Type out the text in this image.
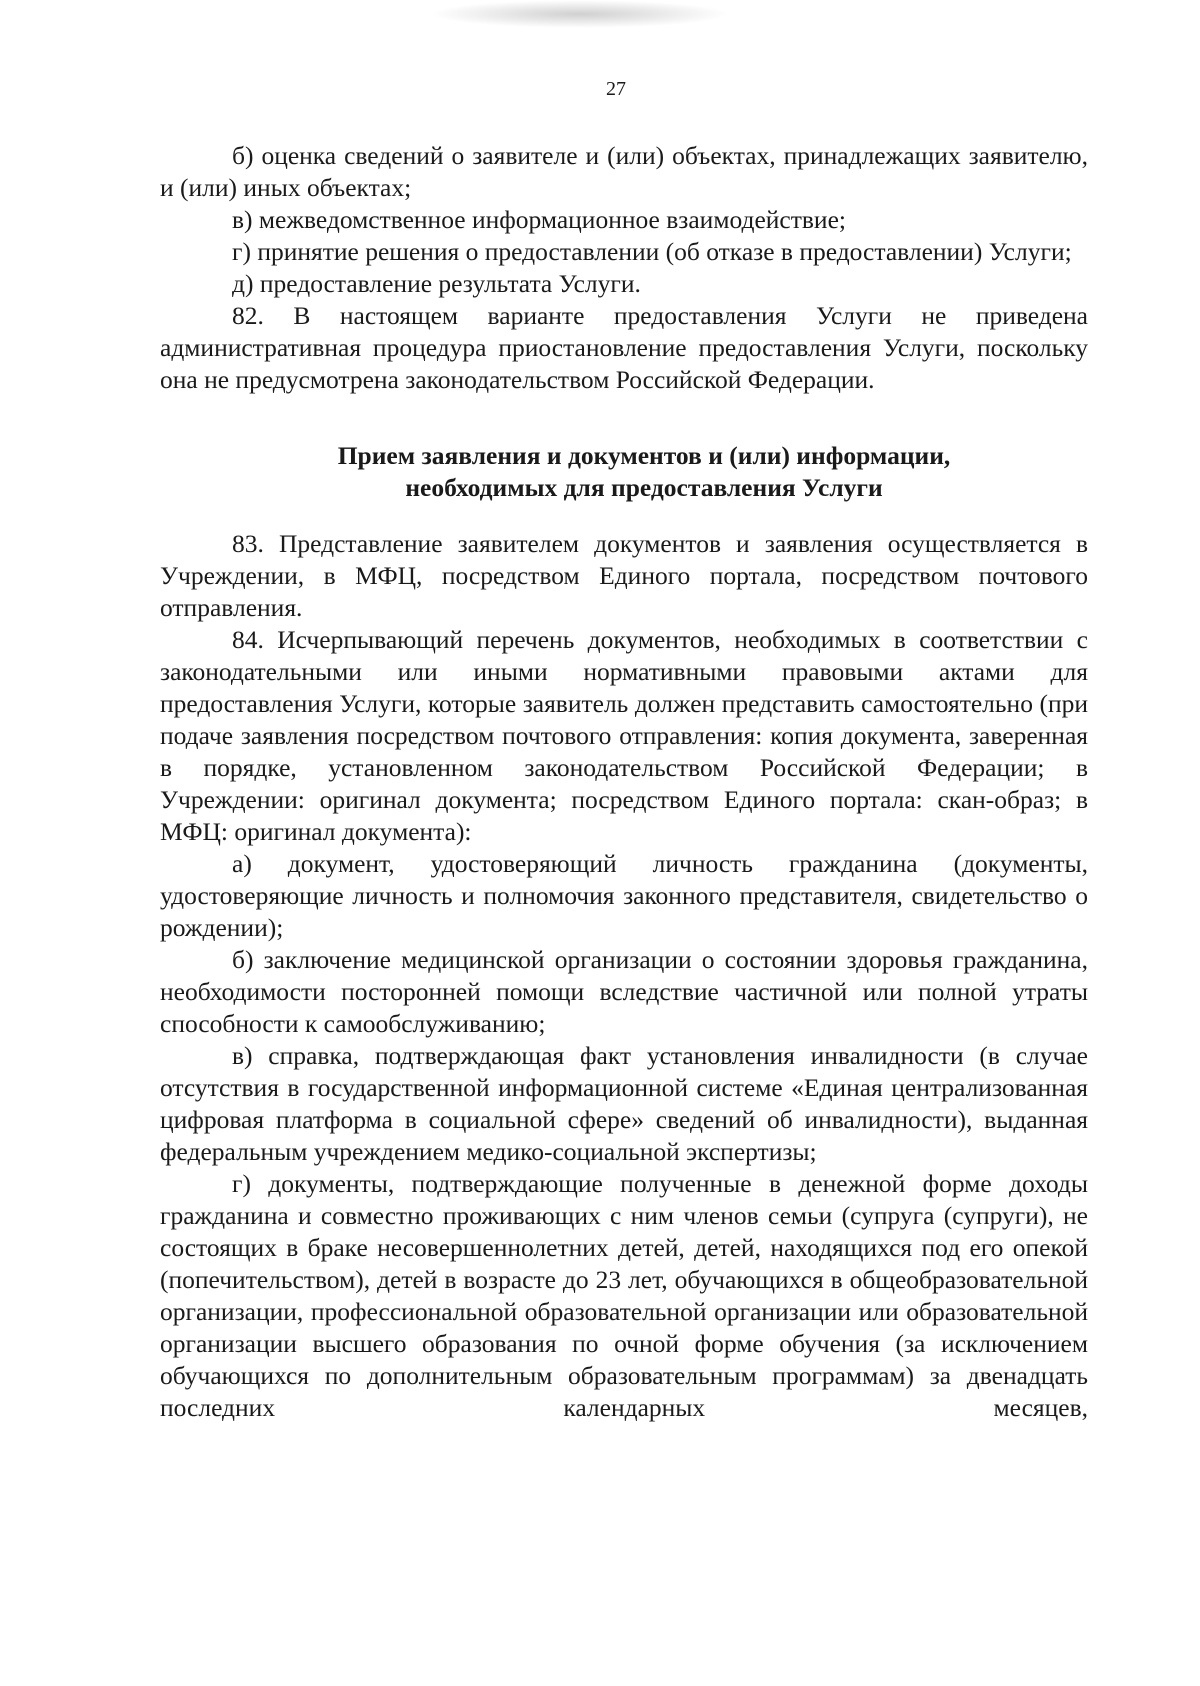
27

б) оценка сведений о заявителе и (или) объектах, принадлежащих заявителю, и (или) иных объектах;

в) межведомственное информационное взаимодействие;

г) принятие решения о предоставлении (об отказе в предоставлении) Услуги;

д) предоставление результата Услуги.

82. В настоящем варианте предоставления Услуги не приведена административная процедура приостановление предоставления Услуги, поскольку она не предусмотрена законодательством Российской Федерации.

Прием заявления и документов и (или) информации,
необходимых для предоставления Услуги

83. Представление заявителем документов и заявления осуществляется в Учреждении, в МФЦ, посредством Единого портала, посредством почтового отправления.

84. Исчерпывающий перечень документов, необходимых в соответствии с законодательными или иными нормативными правовыми актами для предоставления Услуги, которые заявитель должен представить самостоятельно (при подаче заявления посредством почтового отправления: копия документа, заверенная в порядке, установленном законодательством Российской Федерации; в Учреждении: оригинал документа; посредством Единого портала: скан-образ; в МФЦ: оригинал документа):

а) документ, удостоверяющий личность гражданина (документы, удостоверяющие личность и полномочия законного представителя, свидетельство о рождении);

б) заключение медицинской организации о состоянии здоровья гражданина, необходимости посторонней помощи вследствие частичной или полной утраты способности к самообслуживанию;

в) справка, подтверждающая факт установления инвалидности (в случае отсутствия в государственной информационной системе «Единая централизованная цифровая платформа в социальной сфере» сведений об инвалидности), выданная федеральным учреждением медико-социальной экспертизы;

г) документы, подтверждающие полученные в денежной форме доходы гражданина и совместно проживающих с ним членов семьи (супруга (супруги), не состоящих в браке несовершеннолетних детей, детей, находящихся под его опекой (попечительством), детей в возрасте до 23 лет, обучающихся в общеобразовательной организации, профессиональной образовательной организации или образовательной организации высшего образования по очной форме обучения (за исключением обучающихся по дополнительным образовательным программам) за двенадцать последних календарных месяцев,
